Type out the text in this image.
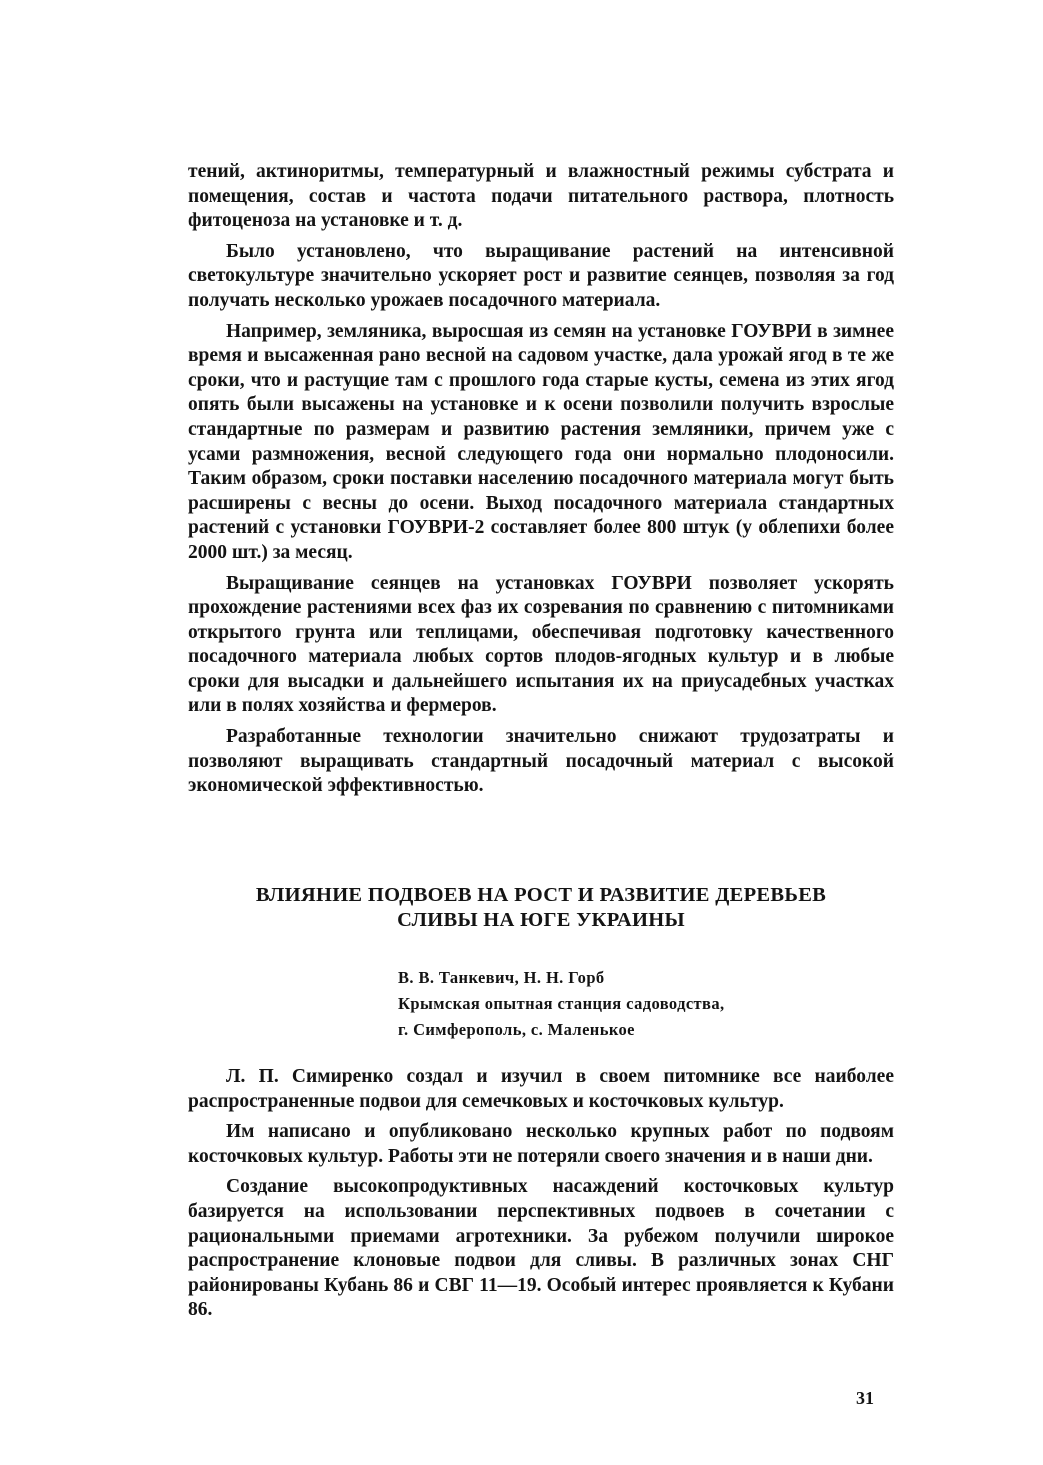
тений, актинoритмы, температурный и влажностный режимы субстрата и помещения, состав и частота подачи питательного раствора, плотность фитоценоза на установке и т. д.

Было установлено, что выращивание растений на интенсивной светокультуре значительно ускоряет рост и развитие сеянцев, позволяя за год получать несколько урожаев посадочного материала.

Например, земляника, выросшая из семян на установке ГОУВРИ в зимнее время и высаженная рано весной на садовом участке, дала урожай ягод в те же сроки, что и растущие там с прошлого года старые кусты, семена из этих ягод опять были высажены на установке и к осени позволили получить взрослые стандартные по размерам и развитию растения земляники, причем уже с усами размножения, весной следующего года они нормально плодоносили. Таким образом, сроки поставки населению посадочного материала могут быть расширены с весны до осени. Выход посадочного материала стандартных растений с установки ГОУВРИ-2 составляет более 800 штук (у облепихи более 2000 шт.) за месяц.

Выращивание сеянцев на установках ГОУВРИ позволяет ускорять прохождение растениями всех фаз их созревания по сравнению с питомниками открытого грунта или теплицами, обеспечивая подготовку качественного посадочного материала любых сортов плодов-ягодных культур и в любые сроки для высадки и дальнейшего испытания их на приусадебных участках или в полях хозяйства и фермеров.

Разработанные технологии значительно снижают трудозатраты и позволяют выращивать стандартный посадочный материал с высокой экономической эффективностью.

ВЛИЯНИЕ ПОДВОЕВ НА РОСТ И РАЗВИТИЕ ДЕРЕВЬЕВ
СЛИВЫ НА ЮГЕ УКРАИНЫ
В. В. Танкевич, Н. Н. Горб
Крымская опытная станция садоводства,
г. Симферополь, с. Маленькое

Л. П. Симиренко создал и изучил в своем питомнике все наиболее распространенные подвои для семечковых и косточковых культур.

Им написано и опубликовано несколько крупных работ по подвоям косточковых культур. Работы эти не потеряли своего значения и в наши дни.

Создание высокопродуктивных насаждений косточковых культур базируется на использовании перспективных подвоев в сочетании с рациональными приемами агротехники. За рубежом получили широкое распространение клоновые подвои для сливы. В различных зонах СНГ районированы Кубань 86 и СВГ 11—19. Особый интерес проявляется к Кубани 86.

31
